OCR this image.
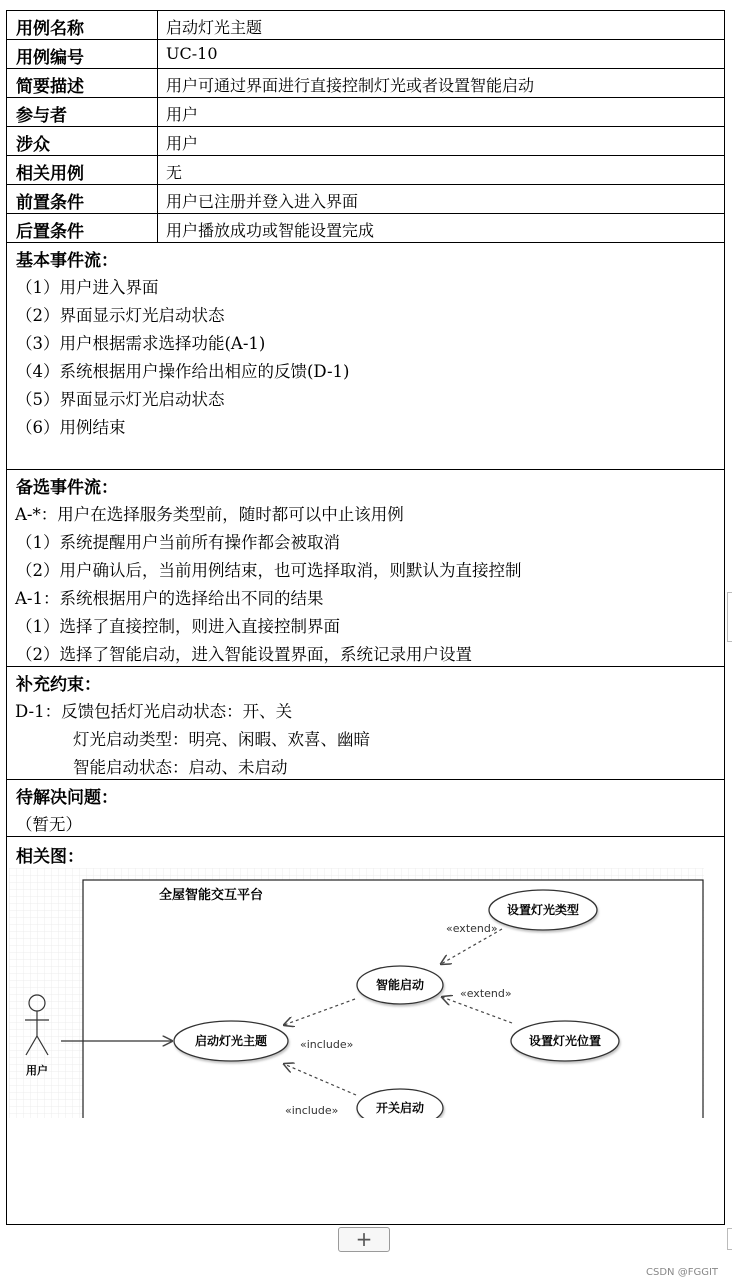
用例名称	启动灯光主题
用例编号	UC-10
简要描述	用户可通过界面进行直接控制灯光或者设置智能启动
参与者	用户
涉众	用户
相关用例	无
前置条件	用户已注册并登入进入界面
后置条件	用户播放成功或智能设置完成
基本事件流：
（1）用户进入界面
（2）界面显示灯光启动状态
（3）用户根据需求选择功能(A-1)
（4）系统根据用户操作给出相应的反馈(D-1)
（5）界面显示灯光启动状态
（6）用例结束
备选事件流：
A-*：用户在选择服务类型前，随时都可以中止该用例
（1）系统提醒用户当前所有操作都会被取消
（2）用户确认后，当前用例结束，也可选择取消，则默认为直接控制
A-1：系统根据用户的选择给出不同的结果
（1）选择了直接控制，则进入直接控制界面
（2）选择了智能启动，进入智能设置界面，系统记录用户设置
补充约束：
D-1：反馈包括灯光启动状态：开、关
灯光启动类型：明亮、闲暇、欢喜、幽暗
智能启动状态：启动、未启动
待解决问题：
（暂无）
相关图：
全屋智能交互平台
用户
启动灯光主题
智能启动
开关启动
设置灯光类型
设置灯光位置
«extend»
«extend»
«include»
«include»
+
CSDN @FGGIT
